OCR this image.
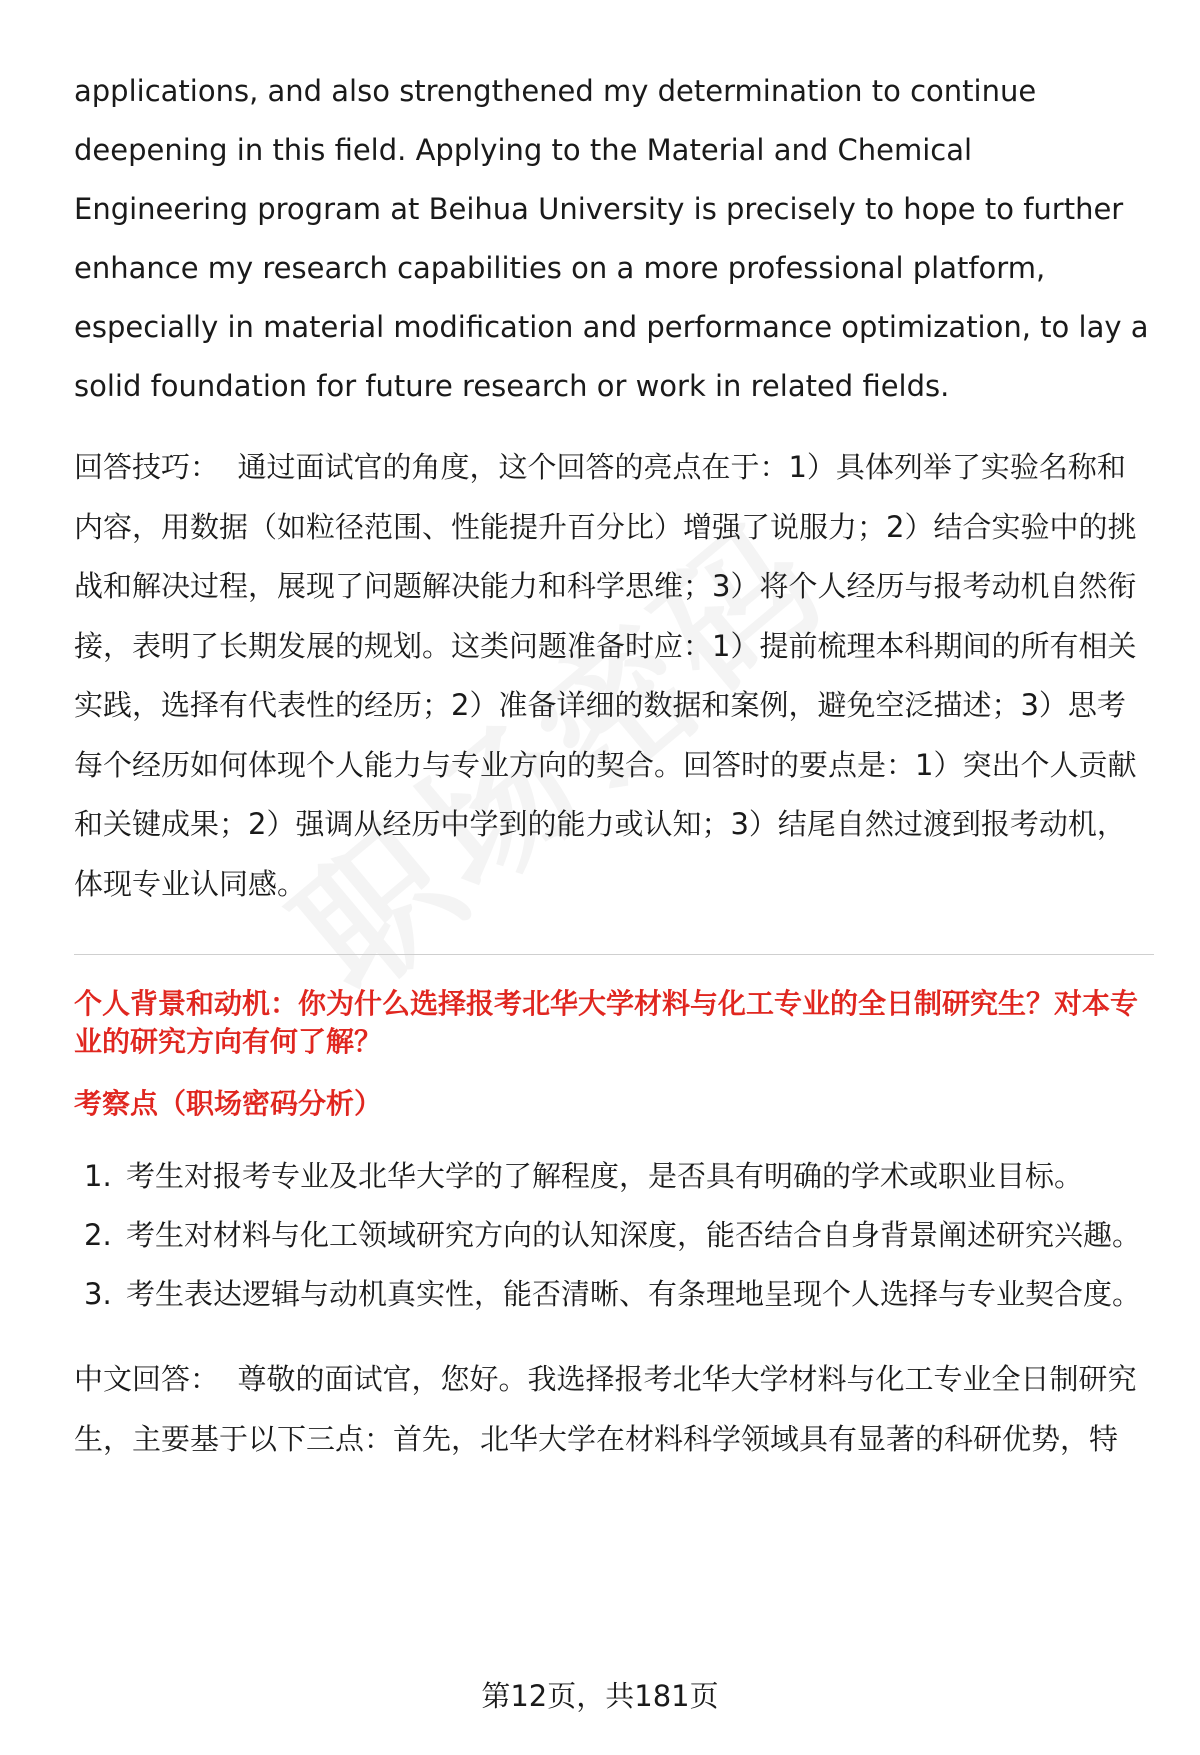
applications, and also strengthened my determination to continue deepening in this field. Applying to the Material and Chemical Engineering program at Beihua University is precisely to hope to further enhance my research capabilities on a more professional platform, especially in material modification and performance optimization, to lay a solid foundation for future research or work in related fields.

回答技巧： 通过面试官的角度，这个回答的亮点在于：1）具体列举了实验名称和内容，用数据（如粒径范围、性能提升百分比）增强了说服力；2）结合实验中的挑战和解决过程，展现了问题解决能力和科学思维；3）将个人经历与报考动机自然衔接，表明了长期发展的规划。这类问题准备时应：1）提前梳理本科期间的所有相关实践，选择有代表性的经历；2）准备详细的数据和案例，避免空泛描述；3）思考每个经历如何体现个人能力与专业方向的契合。回答时的要点是：1）突出个人贡献和关键成果；2）强调从经历中学到的能力或认知；3）结尾自然过渡到报考动机，体现专业认同感。

个人背景和动机：你为什么选择报考北华大学材料与化工专业的全日制研究生？对本专业的研究方向有何了解？
考察点（职场密码分析）
1. 考生对报考专业及北华大学的了解程度，是否具有明确的学术或职业目标。
2. 考生对材料与化工领域研究方向的认知深度，能否结合自身背景阐述研究兴趣。
3. 考生表达逻辑与动机真实性，能否清晰、有条理地呈现个人选择与专业契合度。

中文回答： 尊敬的面试官，您好。我选择报考北华大学材料与化工专业全日制研究生，主要基于以下三点：首先，北华大学在材料科学领域具有显著的科研优势，特

第12页，共181页
